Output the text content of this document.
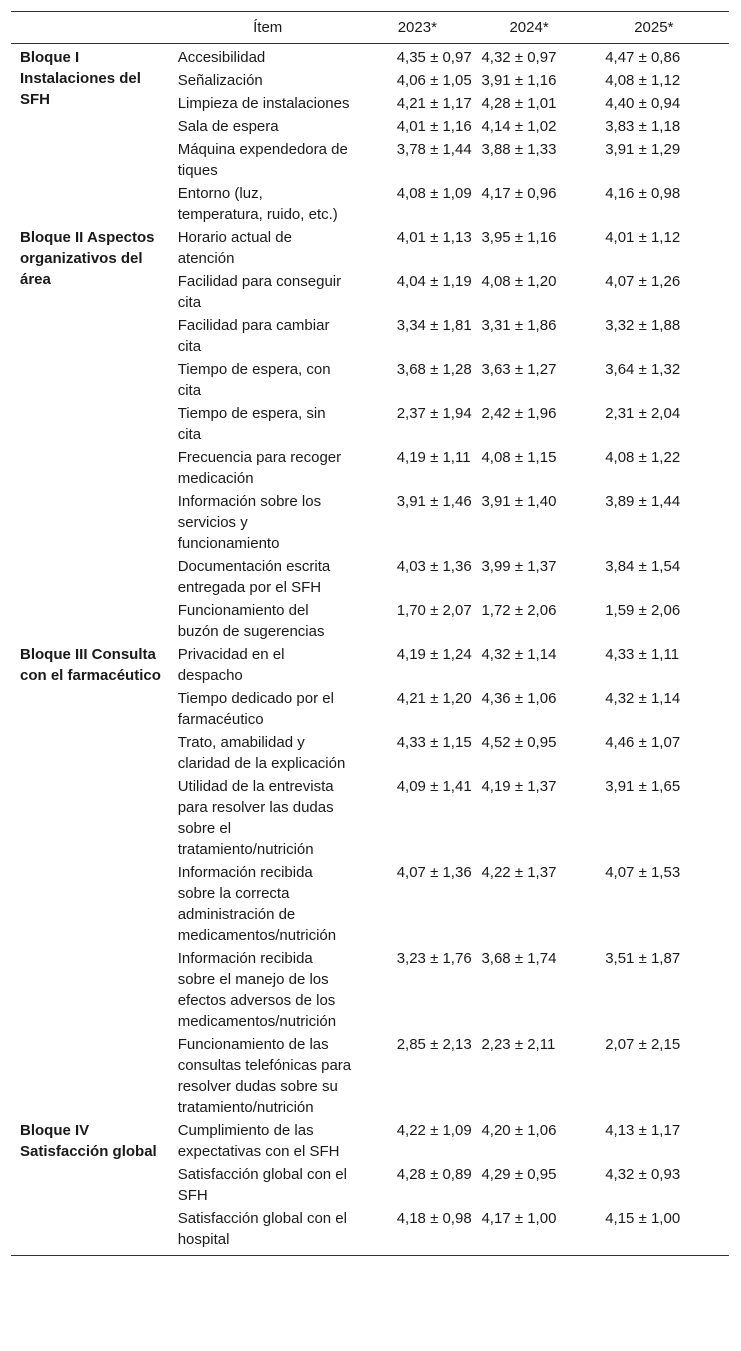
	Ítem	2023*	2024*	2025*
Bloque I Instalaciones del SFH	Accesibilidad	4,35 ± 0,97	4,32 ± 0,97	4,47 ± 0,86
	Señalización	4,06 ± 1,05	3,91 ± 1,16	4,08 ± 1,12
	Limpieza de instalaciones	4,21 ± 1,17	4,28 ± 1,01	4,40 ± 0,94
	Sala de espera	4,01 ± 1,16	4,14 ± 1,02	3,83 ± 1,18
	Máquina expendedora de tiques	3,78 ± 1,44	3,88 ± 1,33	3,91 ± 1,29
	Entorno (luz, temperatura, ruido, etc.)	4,08 ± 1,09	4,17 ± 0,96	4,16 ± 0,98
Bloque II Aspectos organizativos del área	Horario actual de atención	4,01 ± 1,13	3,95 ± 1,16	4,01 ± 1,12
	Facilidad para conseguir cita	4,04 ± 1,19	4,08 ± 1,20	4,07 ± 1,26
	Facilidad para cambiar cita	3,34 ± 1,81	3,31 ± 1,86	3,32 ± 1,88
	Tiempo de espera, con cita	3,68 ± 1,28	3,63 ± 1,27	3,64 ± 1,32
	Tiempo de espera, sin cita	2,37 ± 1,94	2,42 ± 1,96	2,31 ± 2,04
	Frecuencia para recoger medicación	4,19 ± 1,11	4,08 ± 1,15	4,08 ± 1,22
	Información sobre los servicios y funcionamiento	3,91 ± 1,46	3,91 ± 1,40	3,89 ± 1,44
	Documentación escrita entregada por el SFH	4,03 ± 1,36	3,99 ± 1,37	3,84 ± 1,54
	Funcionamiento del buzón de sugerencias	1,70 ± 2,07	1,72 ± 2,06	1,59 ± 2,06
Bloque III Consulta con el farmacéutico	Privacidad en el despacho	4,19 ± 1,24	4,32 ± 1,14	4,33 ± 1,11
	Tiempo dedicado por el farmacéutico	4,21 ± 1,20	4,36 ± 1,06	4,32 ± 1,14
	Trato, amabilidad y claridad de la explicación	4,33 ± 1,15	4,52 ± 0,95	4,46 ± 1,07
	Utilidad de la entrevista para resolver las dudas sobre el tratamiento/nutrición	4,09 ± 1,41	4,19 ± 1,37	3,91 ± 1,65
	Información recibida sobre la correcta administración de medicamentos/nutrición	4,07 ± 1,36	4,22 ± 1,37	4,07 ± 1,53
	Información recibida sobre el manejo de los efectos adversos de los medicamentos/nutrición	3,23 ± 1,76	3,68 ± 1,74	3,51 ± 1,87
	Funcionamiento de las consultas telefónicas para resolver dudas sobre su tratamiento/nutrición	2,85 ± 2,13	2,23 ± 2,11	2,07 ± 2,15
Bloque IV Satisfacción global	Cumplimiento de las expectativas con el SFH	4,22 ± 1,09	4,20 ± 1,06	4,13 ± 1,17
	Satisfacción global con el SFH	4,28 ± 0,89	4,29 ± 0,95	4,32 ± 0,93
	Satisfacción global con el hospital	4,18 ± 0,98	4,17 ± 1,00	4,15 ± 1,00
